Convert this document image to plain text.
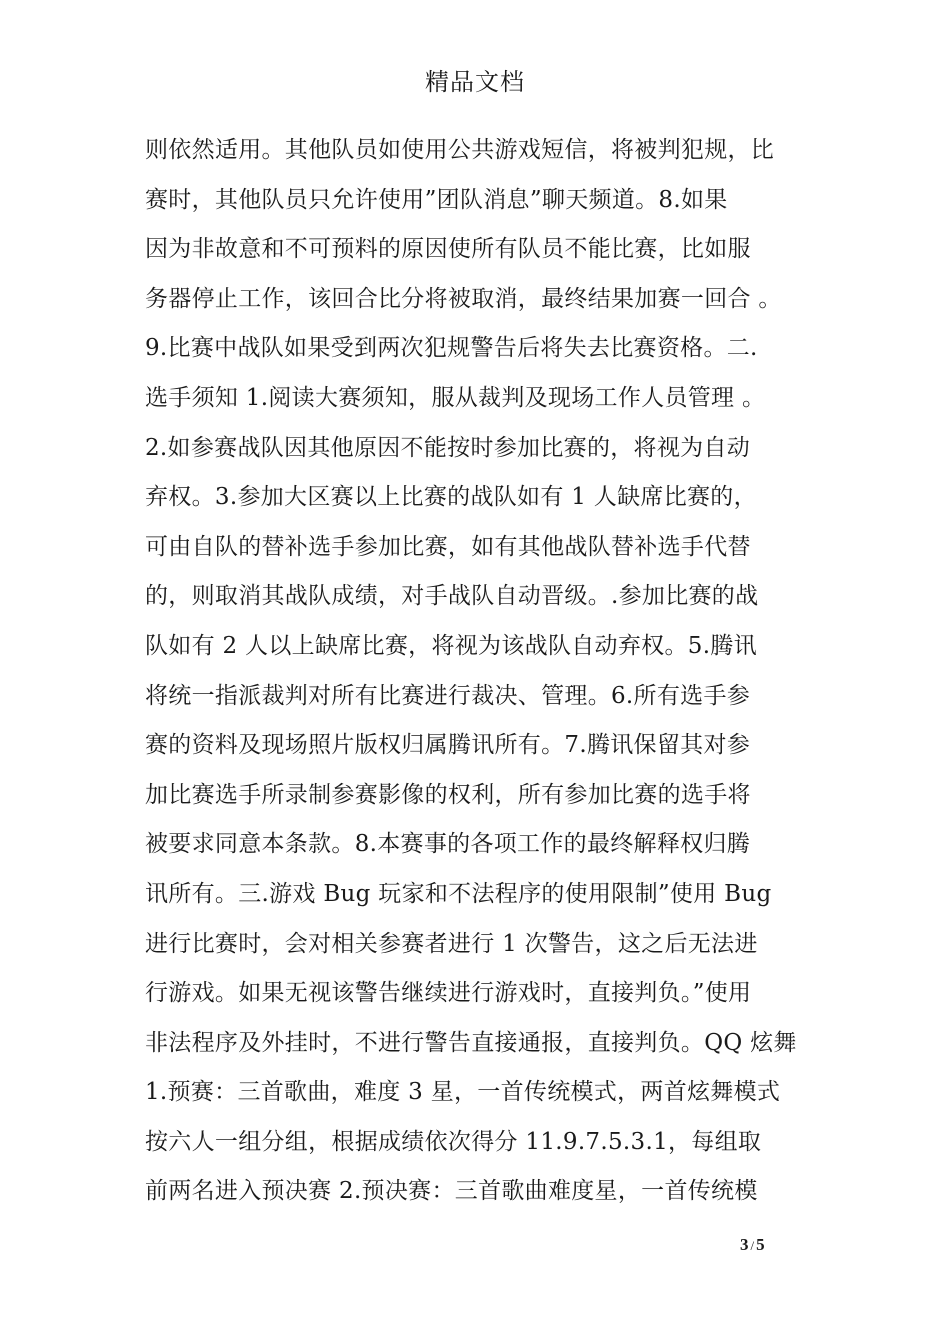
精品文档
则依然适用。其他队员如使用公共游戏短信，将被判犯规，比
赛时，其他队员只允许使用”团队消息”聊天频道。8.如果
因为非故意和不可预料的原因使所有队员不能比赛，比如服
务器停止工作，该回合比分将被取消，最终结果加赛一回合 。
9.比赛中战队如果受到两次犯规警告后将失去比赛资格。二.
选手须知 1.阅读大赛须知，服从裁判及现场工作人员管理 。
2.如参赛战队因其他原因不能按时参加比赛的，将视为自动
弃权。3.参加大区赛以上比赛的战队如有 1 人缺席比赛的，
可由自队的替补选手参加比赛，如有其他战队替补选手代替
的，则取消其战队成绩，对手战队自动晋级。.参加比赛的战
队如有 2 人以上缺席比赛，将视为该战队自动弃权。5.腾讯
将统一指派裁判对所有比赛进行裁决、管理。6.所有选手参
赛的资料及现场照片版权归属腾讯所有。7.腾讯保留其对参
加比赛选手所录制参赛影像的权利，所有参加比赛的选手将
被要求同意本条款。8.本赛事的各项工作的最终解释权归腾
讯所有。三.游戏 Bug 玩家和不法程序的使用限制”使用 Bug
进行比赛时，会对相关参赛者进行 1 次警告，这之后无法进
行游戏。如果无视该警告继续进行游戏时，直接判负。”使用
非法程序及外挂时，不进行警告直接通报，直接判负。QQ 炫舞
1.预赛：三首歌曲，难度 3 星，一首传统模式，两首炫舞模式
按六人一组分组，根据成绩依次得分 11.9.7.5.3.1，每组取
前两名进入预决赛 2.预决赛：三首歌曲难度星，一首传统模
3 / 5
